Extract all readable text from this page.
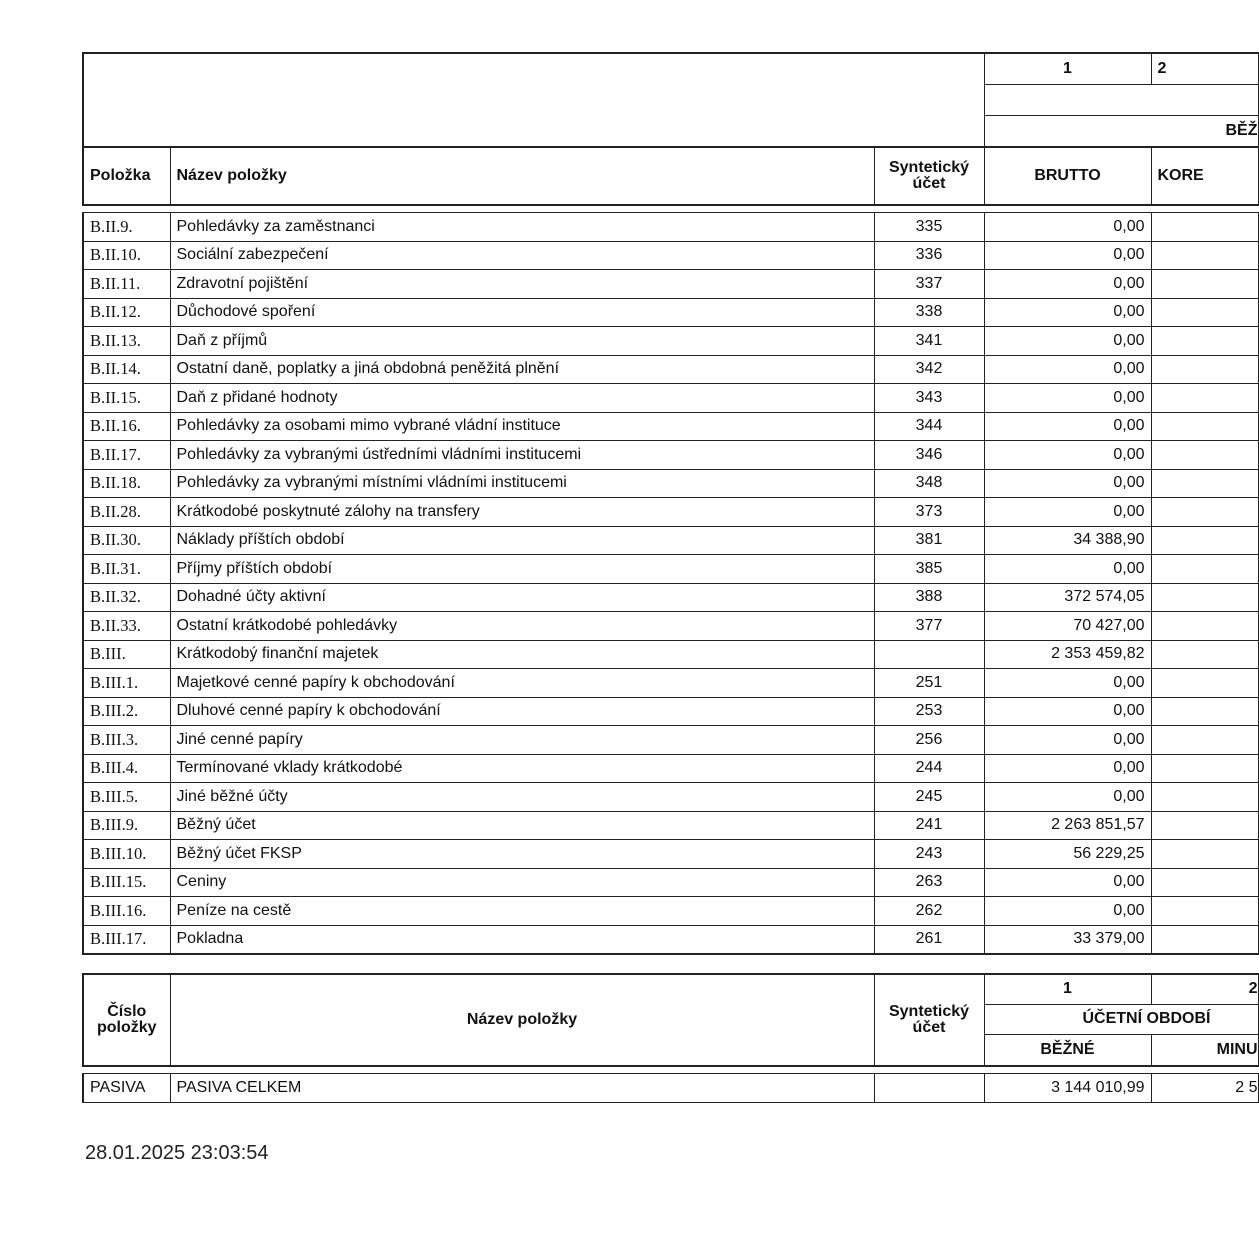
			1	2

			BĚŽ	
Položka	Název položky	Syntetický účet	BRUTTO	KORE

B.II.9.	Pohledávky za zaměstnanci	335	0,00	
B.II.10.	Sociální zabezpečení	336	0,00	
B.II.11.	Zdravotní pojištění	337	0,00	
B.II.12.	Důchodové spoření	338	0,00	
B.II.13.	Daň z příjmů	341	0,00	
B.II.14.	Ostatní daně, poplatky a jiná obdobná peněžitá plnění	342	0,00	
B.II.15.	Daň z přidané hodnoty	343	0,00	
B.II.16.	Pohledávky za osobami mimo vybrané vládní instituce	344	0,00	
B.II.17.	Pohledávky za vybranými ústředními vládními institucemi	346	0,00	
B.II.18.	Pohledávky za vybranými místními vládními institucemi	348	0,00	
B.II.28.	Krátkodobé poskytnuté zálohy na transfery	373	0,00	
B.II.30.	Náklady příštích období	381	34 388,90	
B.II.31.	Příjmy příštích období	385	0,00	
B.II.32.	Dohadné účty aktivní	388	372 574,05	
B.II.33.	Ostatní krátkodobé pohledávky	377	70 427,00	
B.III.	Krátkodobý finanční majetek		2 353 459,82	
B.III.1.	Majetkové cenné papíry k obchodování	251	0,00	
B.III.2.	Dluhové cenné papíry k obchodování	253	0,00	
B.III.3.	Jiné cenné papíry	256	0,00	
B.III.4.	Termínované vklady krátkodobé	244	0,00	
B.III.5.	Jiné běžné účty	245	0,00	
B.III.9.	Běžný účet	241	2 263 851,57	
B.III.10.	Běžný účet FKSP	243	56 229,25	
B.III.15.	Ceniny	263	0,00	
B.III.16.	Peníze na cestě	262	0,00	
B.III.17.	Pokladna	261	33 379,00	
Číslo položky	Název položky	Syntetický účet	1	2
			ÚČETNÍ OBDOBÍ	
			BĚŽNÉ	MINU

PASIVA	PASIVA CELKEM		3 144 010,99	2 5
28.01.2025 23:03:54
